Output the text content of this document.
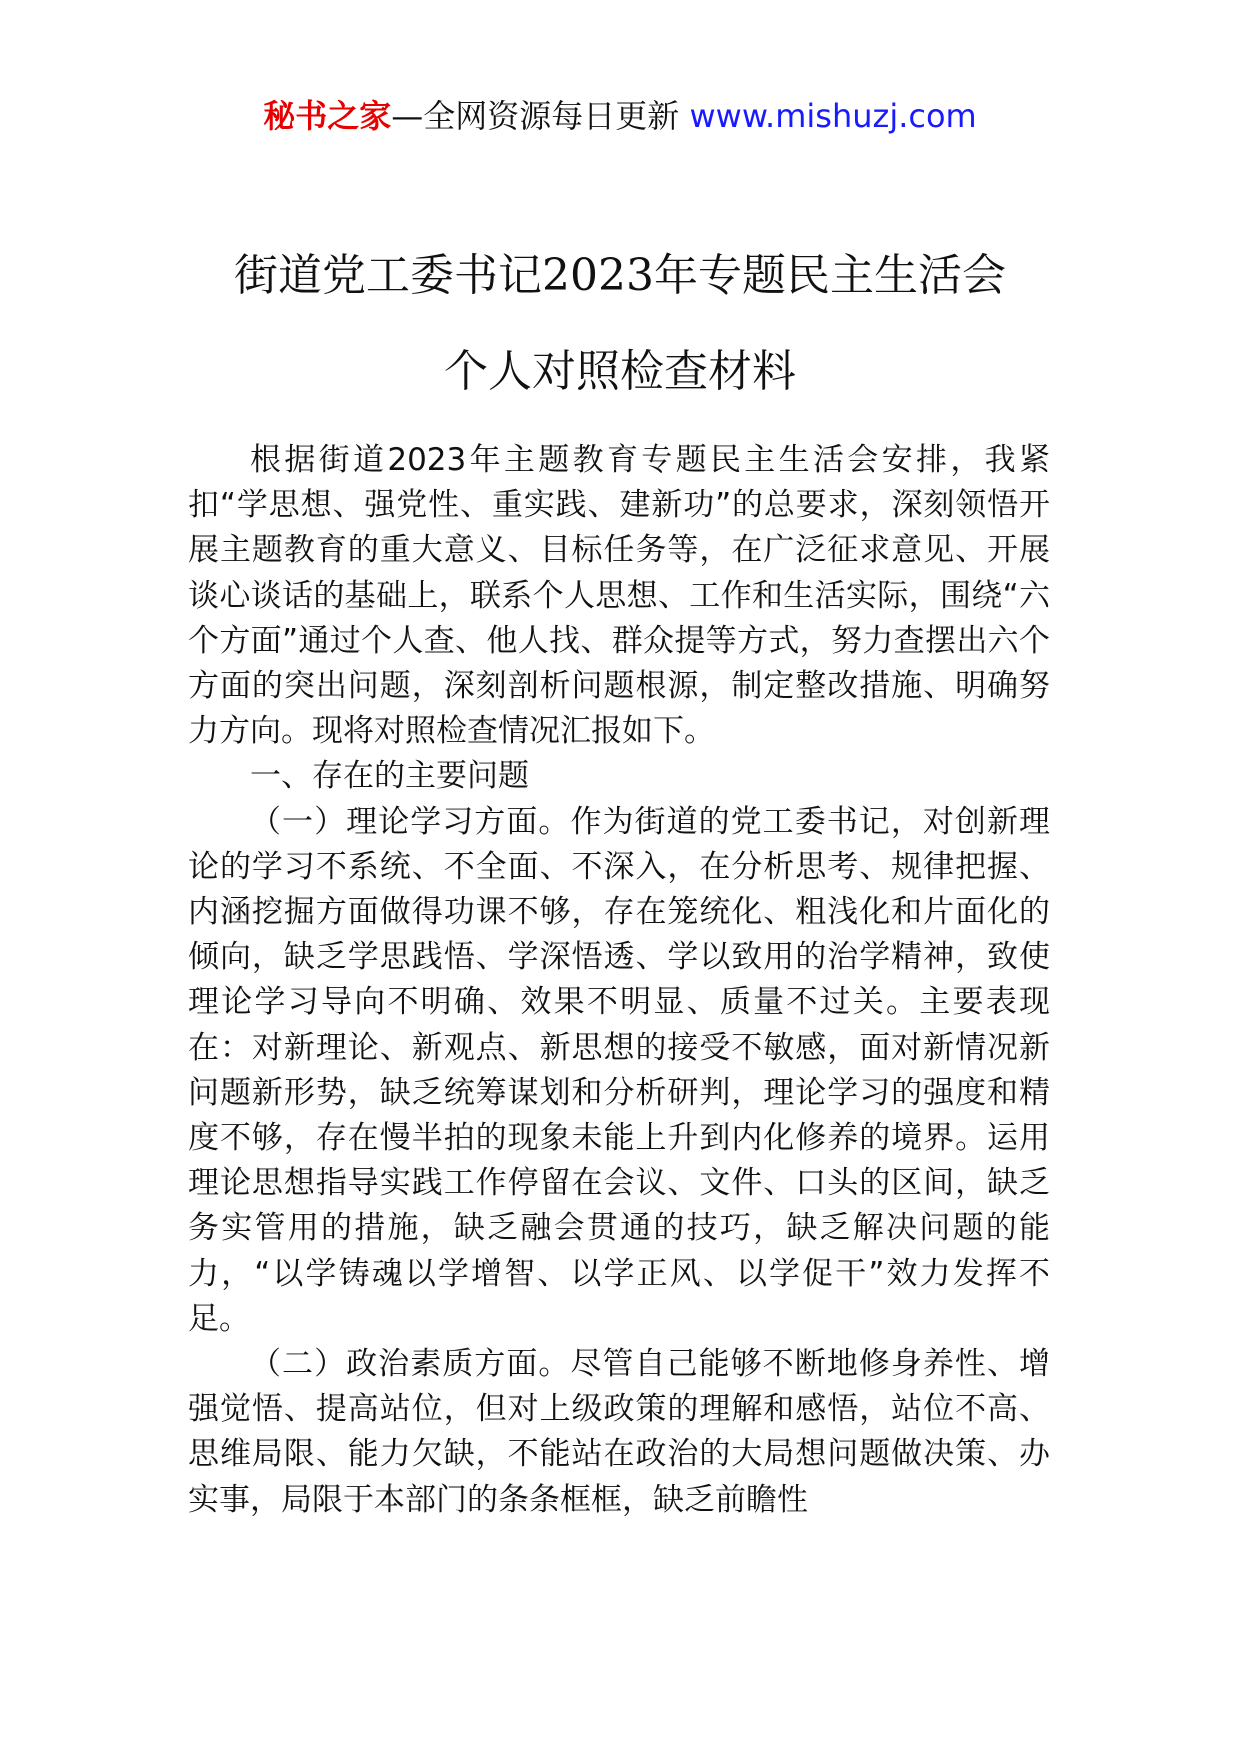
秘书之家—全网资源每日更新 www.mishuzj.com
街道党工委书记2023年专题民主生活会
个人对照检查材料

根据街道2023年主题教育专题民主生活会安排，我紧扣“学思想、强党性、重实践、建新功”的总要求，深刻领悟开展主题教育的重大意义、目标任务等，在广泛征求意见、开展谈心谈话的基础上，联系个人思想、工作和生活实际，围绕“六个方面”通过个人查、他人找、群众提等方式，努力查摆出六个方面的突出问题，深刻剖析问题根源，制定整改措施、明确努力方向。现将对照检查情况汇报如下。

一、存在的主要问题

（一）理论学习方面。作为街道的党工委书记，对创新理论的学习不系统、不全面、不深入，在分析思考、规律把握、内涵挖掘方面做得功课不够，存在笼统化、粗浅化和片面化的倾向，缺乏学思践悟、学深悟透、学以致用的治学精神，致使理论学习导向不明确、效果不明显、质量不过关。主要表现在：对新理论、新观点、新思想的接受不敏感，面对新情况新问题新形势，缺乏统筹谋划和分析研判，理论学习的强度和精度不够，存在慢半拍的现象未能上升到内化修养的境界。运用理论思想指导实践工作停留在会议、文件、口头的区间，缺乏务实管用的措施，缺乏融会贯通的技巧，缺乏解决问题的能力，“以学铸魂以学增智、以学正风、以学促干”效力发挥不足。

（二）政治素质方面。尽管自己能够不断地修身养性、增强觉悟、提高站位，但对上级政策的理解和感悟，站位不高、思维局限、能力欠缺，不能站在政治的大局想问题做决策、办实事，局限于本部门的条条框框，缺乏前瞻性
